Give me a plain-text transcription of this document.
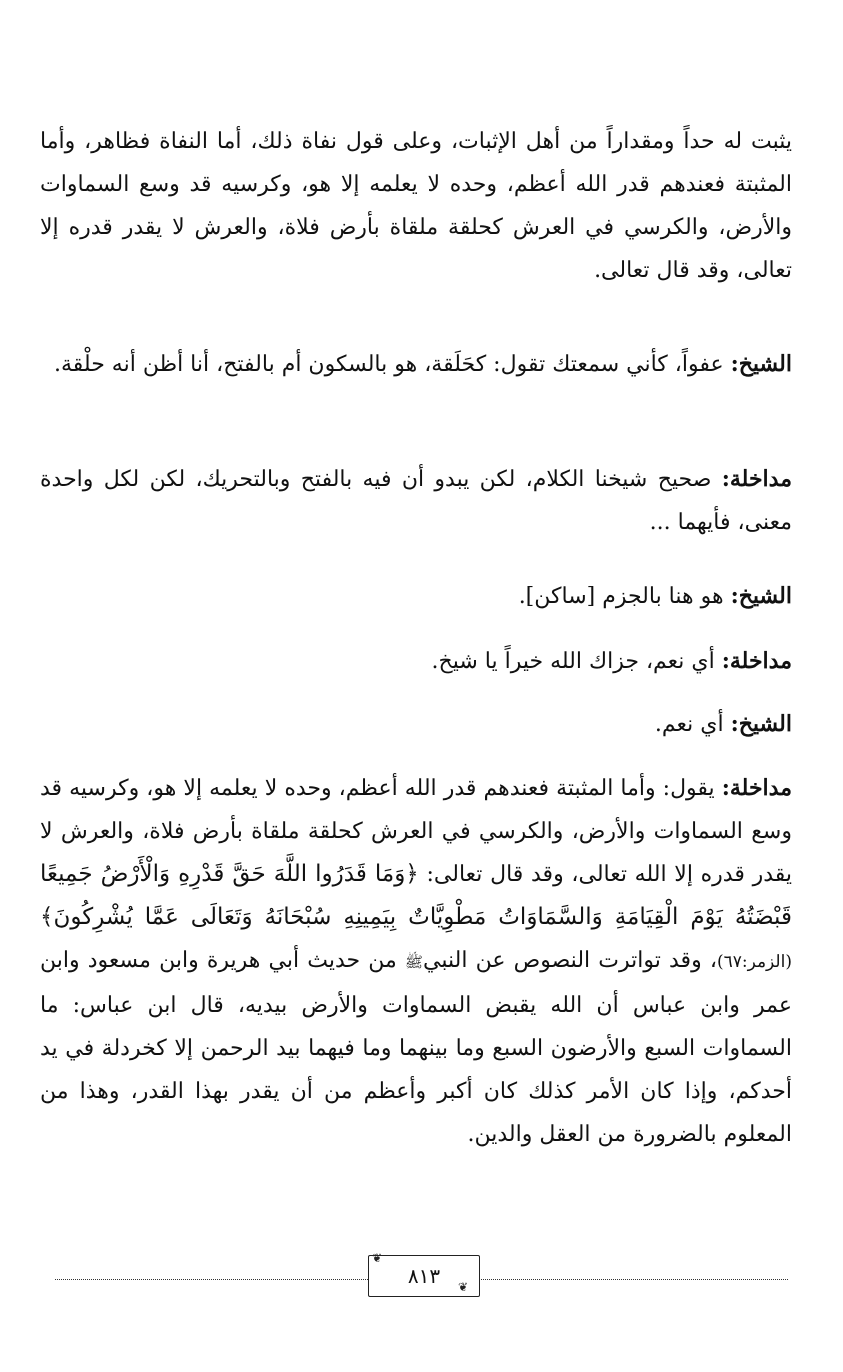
يثبت له حداً ومقداراً من أهل الإثبات، وعلى قول نفاة ذلك، أما النفاة فظاهر، وأما المثبتة فعندهم قدر الله أعظم، وحده لا يعلمه إلا هو، وكرسيه قد وسع السماوات والأرض، والكرسي في العرش كحلقة ملقاة بأرض فلاة، والعرش لا يقدر قدره إلا تعالى، وقد قال تعالى.

الشيخ: عفواً، كأني سمعتك تقول: كحَلَقة، هو بالسكون أم بالفتح، أنا أظن أنه حلْقة.

مداخلة: صحيح شيخنا الكلام، لكن يبدو أن فيه بالفتح وبالتحريك، لكن لكل واحدة معنى، فأيهما ...

الشيخ: هو هنا بالجزم [ساكن].

مداخلة: أي نعم، جزاك الله خيراً يا شيخ.

الشيخ: أي نعم.

مداخلة: يقول: وأما المثبتة فعندهم قدر الله أعظم، وحده لا يعلمه إلا هو، وكرسيه قد وسع السماوات والأرض، والكرسي في العرش كحلقة ملقاة بأرض فلاة، والعرش لا يقدر قدره إلا الله تعالى، وقد قال تعالى: ﴿وَمَا قَدَرُوا اللَّهَ حَقَّ قَدْرِهِ وَالْأَرْضُ جَمِيعًا قَبْضَتُهُ يَوْمَ الْقِيَامَةِ وَالسَّمَاوَاتُ مَطْوِيَّاتٌ بِيَمِينِهِ سُبْحَانَهُ وَتَعَالَى عَمَّا يُشْرِكُونَ﴾(الزمر:٦٧)، وقد تواترت النصوص عن النبيﷺ من حديث أبي هريرة وابن مسعود وابن عمر وابن عباس أن الله يقبض السماوات والأرض بيديه، قال ابن عباس: ما السماوات السبع والأرضون السبع وما بينهما وما فيهما بيد الرحمن إلا كخردلة في يد أحدكم، وإذا كان الأمر كذلك كان أكبر وأعظم من أن يقدر بهذا القدر، وهذا من المعلوم بالضرورة من العقل والدين.

٨١٣
❦
❦
